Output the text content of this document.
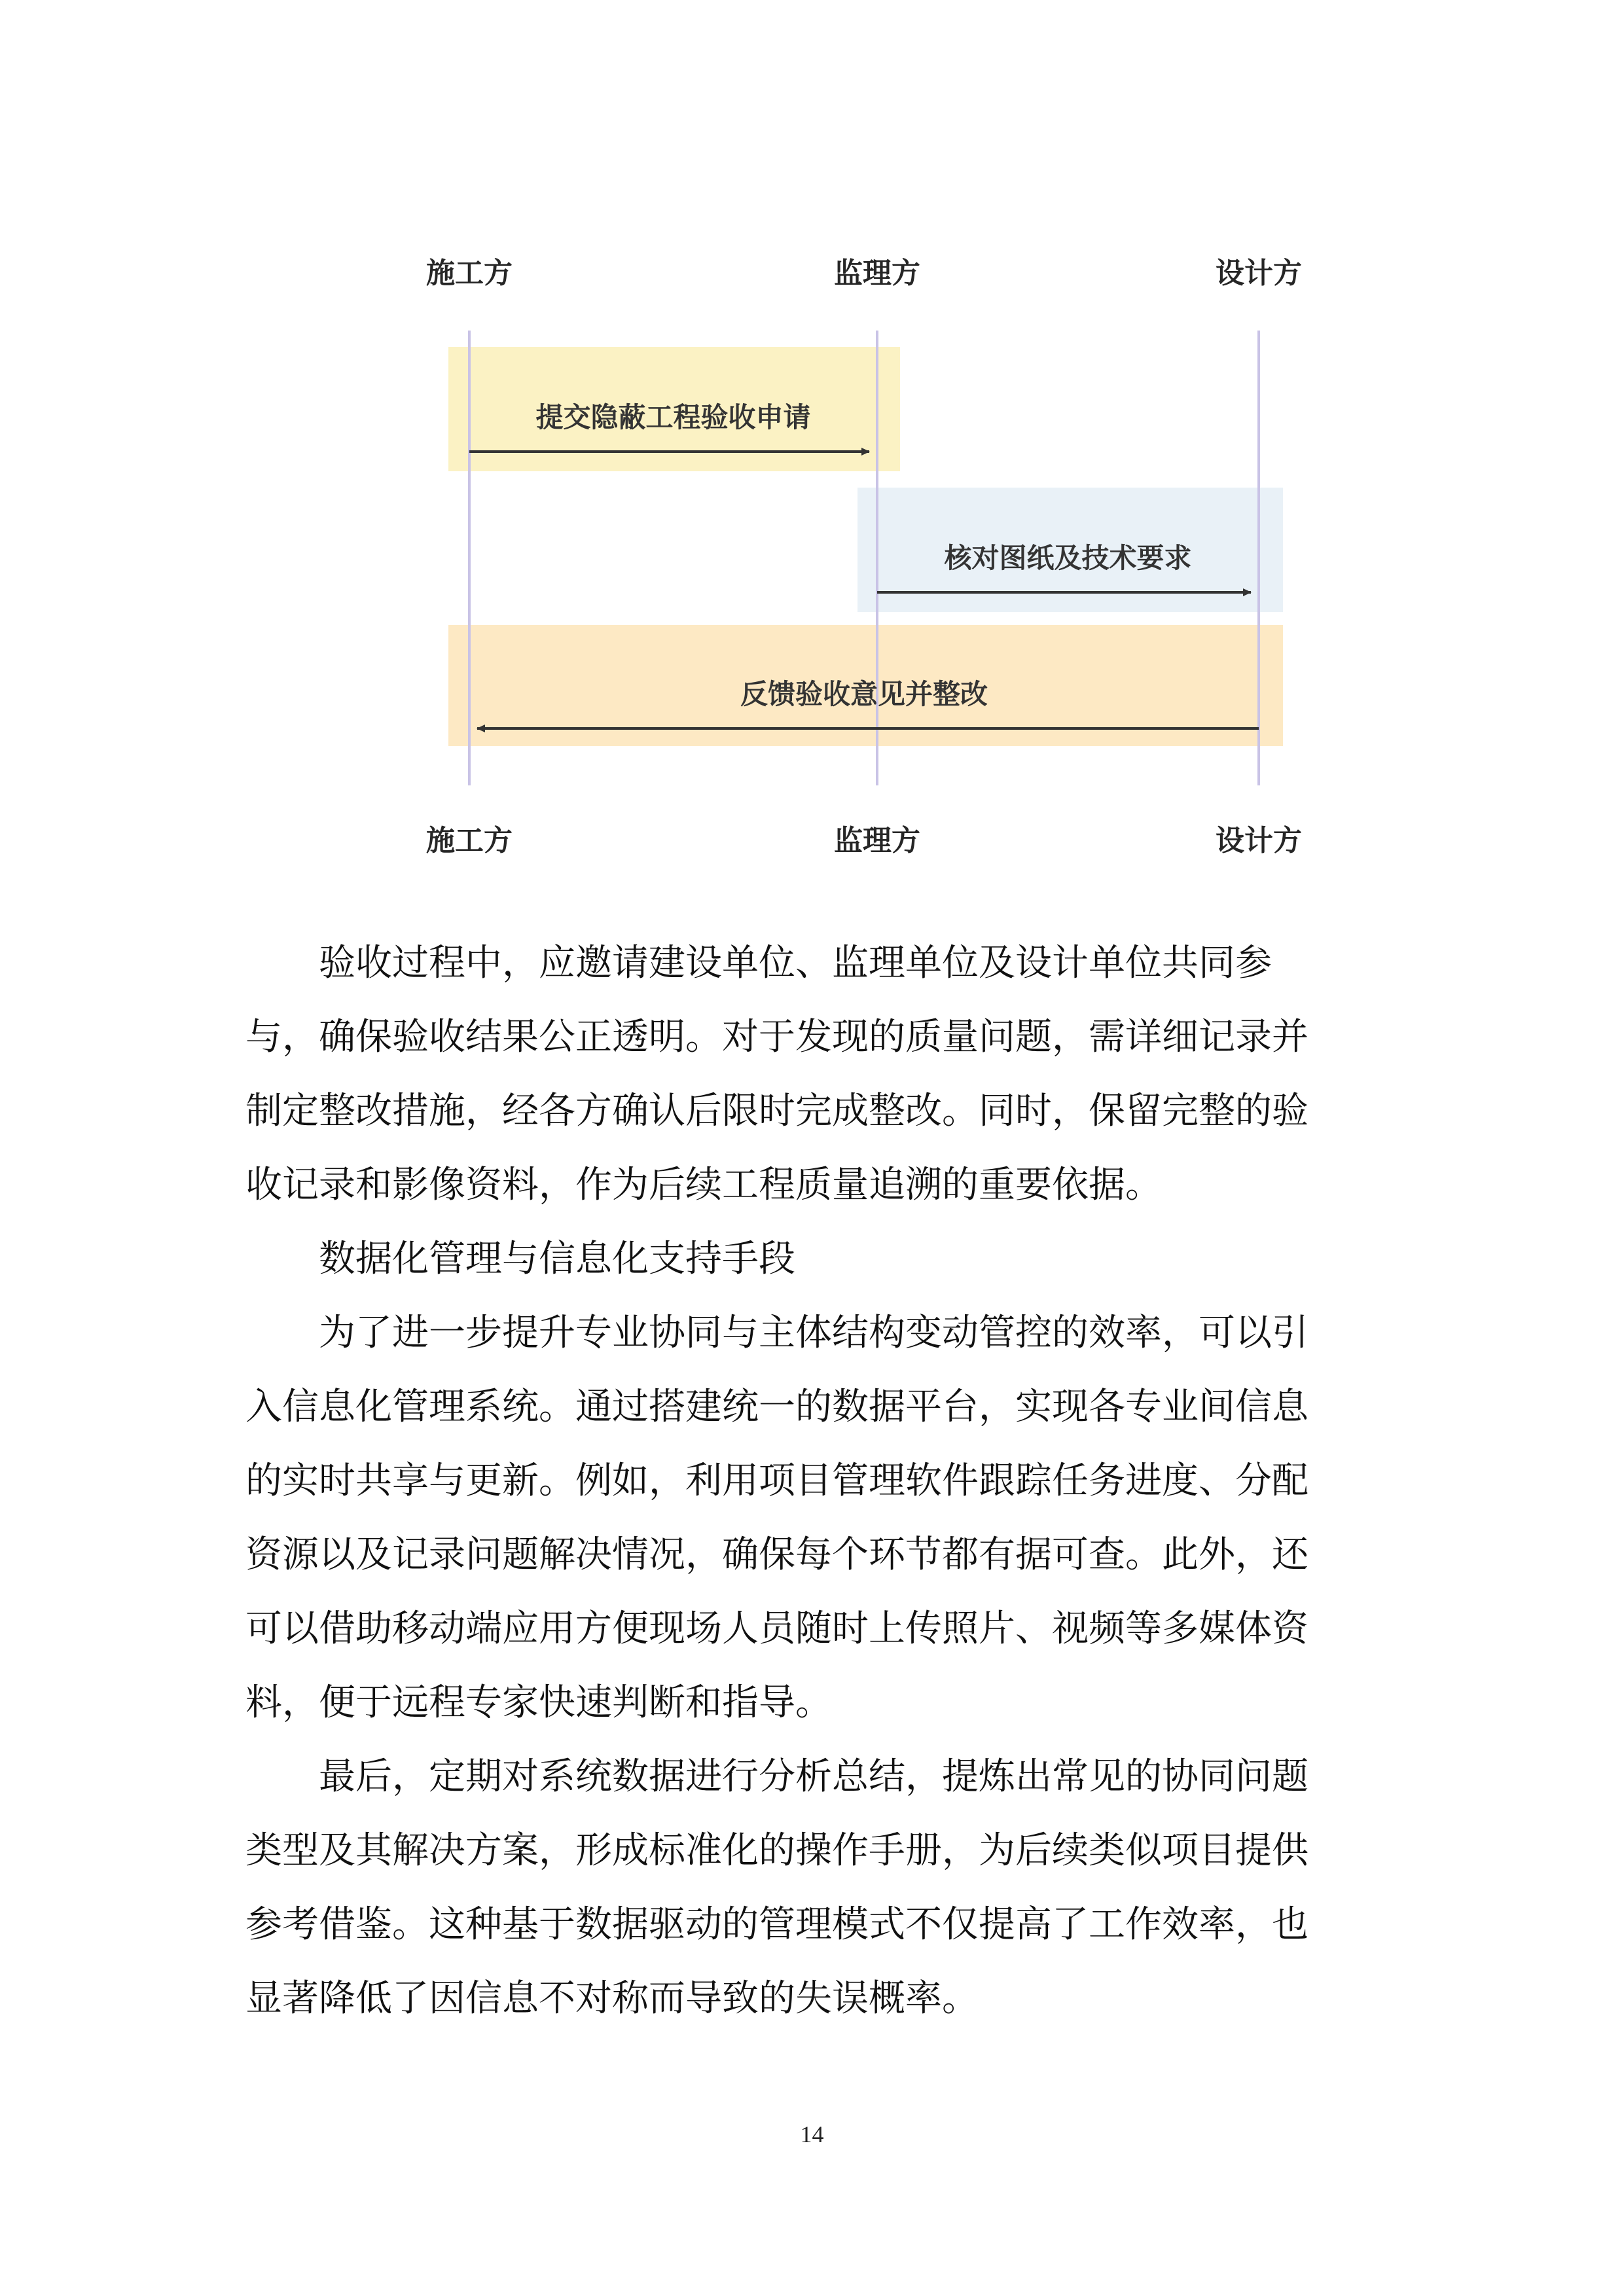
施工方	监理方	设计方
提交隐蔽工程验收申请
核对图纸及技术要求
反馈验收意见并整改
施工方	监理方	设计方
验收过程中，应邀请建设单位、监理单位及设计单位共同参
与，确保验收结果公正透明。对于发现的质量问题，需详细记录并
制定整改措施，经各方确认后限时完成整改。同时，保留完整的验
收记录和影像资料，作为后续工程质量追溯的重要依据。
数据化管理与信息化支持手段
为了进一步提升专业协同与主体结构变动管控的效率，可以引
入信息化管理系统。通过搭建统一的数据平台，实现各专业间信息
的实时共享与更新。例如，利用项目管理软件跟踪任务进度、分配
资源以及记录问题解决情况，确保每个环节都有据可查。此外，还
可以借助移动端应用方便现场人员随时上传照片、视频等多媒体资
料，便于远程专家快速判断和指导。
最后，定期对系统数据进行分析总结，提炼出常见的协同问题
类型及其解决方案，形成标准化的操作手册，为后续类似项目提供
参考借鉴。这种基于数据驱动的管理模式不仅提高了工作效率，也
显著降低了因信息不对称而导致的失误概率。
14
